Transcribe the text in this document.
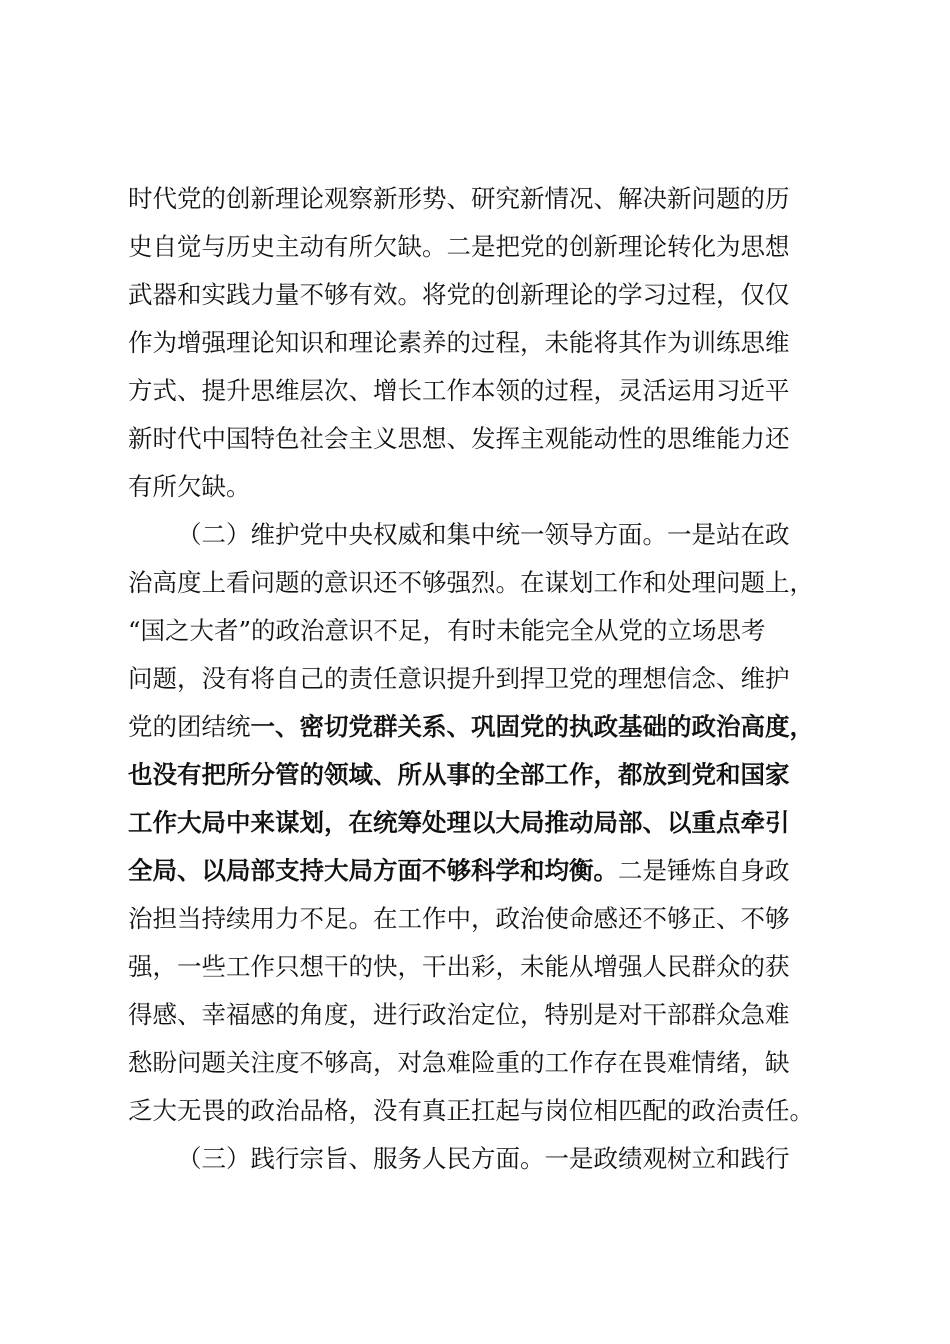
时代党的创新理论观察新形势、研究新情况、解决新问题的历
史自觉与历史主动有所欠缺。二是把党的创新理论转化为思想
武器和实践力量不够有效。将党的创新理论的学习过程，仅仅
作为增强理论知识和理论素养的过程，未能将其作为训练思维
方式、提升思维层次、增长工作本领的过程，灵活运用习近平
新时代中国特色社会主义思想、发挥主观能动性的思维能力还
有所欠缺。
（二）维护党中央权威和集中统一领导方面。一是站在政
治高度上看问题的意识还不够强烈。在谋划工作和处理问题上，
“国之大者”的政治意识不足，有时未能完全从党的立场思考
问题，没有将自己的责任意识提升到捍卫党的理想信念、维护
党的团结统一、密切党群关系、巩固党的执政基础的政治高度，
也没有把所分管的领域、所从事的全部工作，都放到党和国家
工作大局中来谋划，在统筹处理以大局推动局部、以重点牵引
全局、以局部支持大局方面不够科学和均衡。二是锤炼自身政
治担当持续用力不足。在工作中，政治使命感还不够正、不够
强，一些工作只想干的快，干出彩，未能从增强人民群众的获
得感、幸福感的角度，进行政治定位，特别是对干部群众急难
愁盼问题关注度不够高，对急难险重的工作存在畏难情绪，缺
乏大无畏的政治品格，没有真正扛起与岗位相匹配的政治责任。
（三）践行宗旨、服务人民方面。一是政绩观树立和践行
